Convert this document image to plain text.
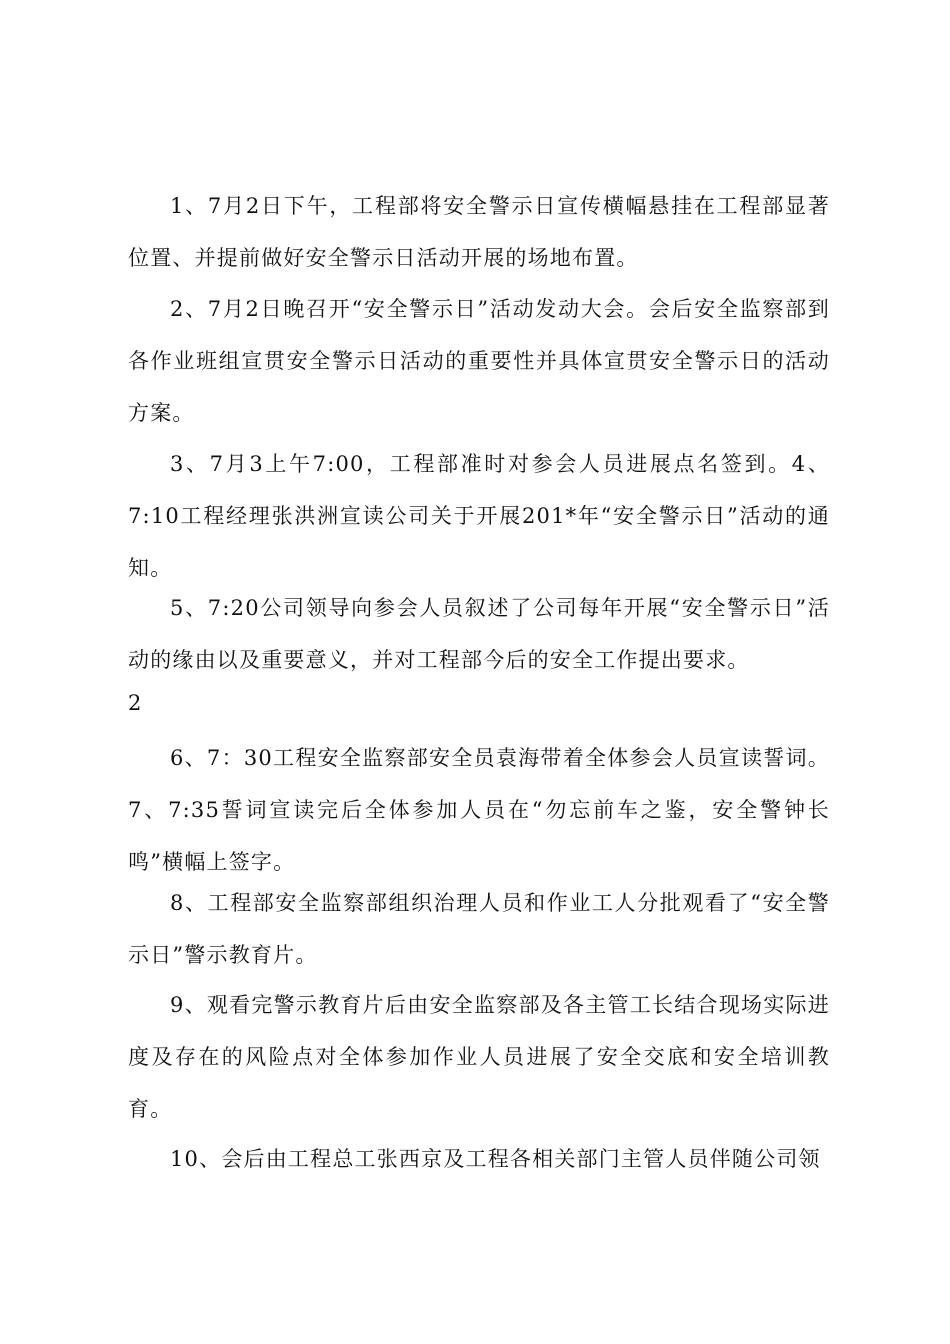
1、7月2日下午，工程部将安全警示日宣传横幅悬挂在工程部显著位置、并提前做好安全警示日活动开展的场地布置。

2、7月2日晚召开“安全警示日”活动发动大会。会后安全监察部到各作业班组宣贯安全警示日活动的重要性并具体宣贯安全警示日的活动方案。

3、7月3上午7:00，工程部准时对参会人员进展点名签到。4、7:10工程经理张洪洲宣读公司关于开展201*年“安全警示日”活动的通知。

5、7:20公司领导向参会人员叙述了公司每年开展“安全警示日”活动的缘由以及重要意义，并对工程部今后的安全工作提出要求。

2

6、7：30工程安全监察部安全员袁海带着全体参会人员宣读誓词。7、7:35誓词宣读完后全体参加人员在“勿忘前车之鉴，安全警钟长鸣”横幅上签字。

8、工程部安全监察部组织治理人员和作业工人分批观看了“安全警示日”警示教育片。

9、观看完警示教育片后由安全监察部及各主管工长结合现场实际进度及存在的风险点对全体参加作业人员进展了安全交底和安全培训教育。

10、会后由工程总工张西京及工程各相关部门主管人员伴随公司领
